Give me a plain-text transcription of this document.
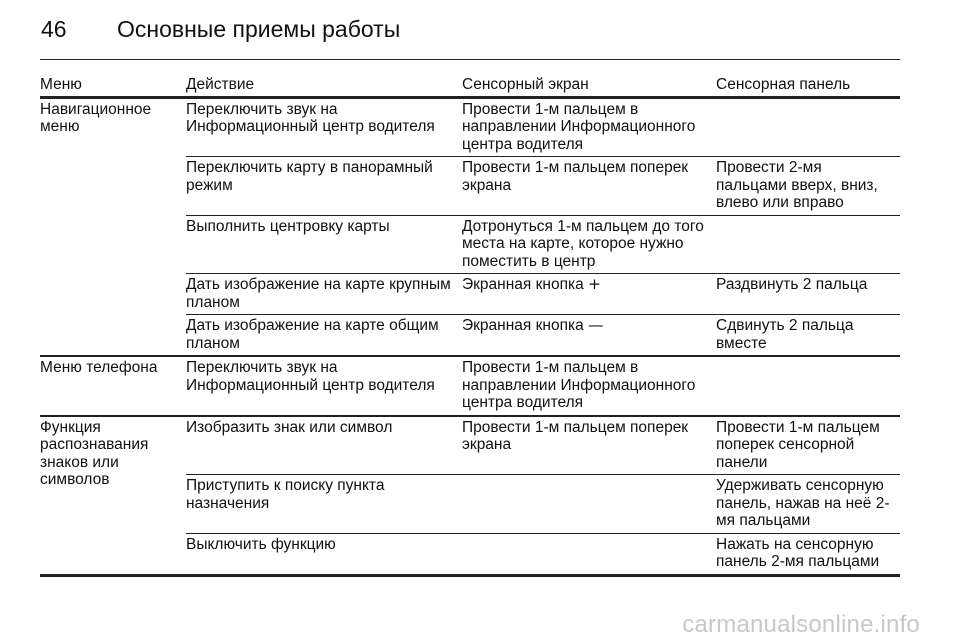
46	Основные приемы работы
Меню	Действие	Сенсорный экран	Сенсорная панель
Навигационное меню	Переключить звук на Информационный центр водителя	Провести 1-м пальцем в направлении Информационного центра водителя	
	Переключить карту в панорамный режим	Провести 1-м пальцем поперек экрана	Провести 2-мя пальцами вверх, вниз, влево или вправо
	Выполнить центровку карты	Дотронуться 1-м пальцем до того места на карте, которое нужно поместить в центр	
	Дать изображение на карте крупным планом	Экранная кнопка +	Раздвинуть 2 пальца
	Дать изображение на карте общим планом	Экранная кнопка —	Сдвинуть 2 пальца вместе
Меню телефона	Переключить звук на Информационный центр водителя	Провести 1-м пальцем в направлении Информационного центра водителя	
Функция распознавания знаков или символов	Изобразить знак или символ	Провести 1-м пальцем поперек экрана	Провести 1-м пальцем поперек сенсорной панели
	Приступить к поиску пункта назначения		Удерживать сенсорную панель, нажав на неё 2-мя пальцами
	Выключить функцию		Нажать на сенсорную панель 2-мя пальцами
carmanualsonline.info
